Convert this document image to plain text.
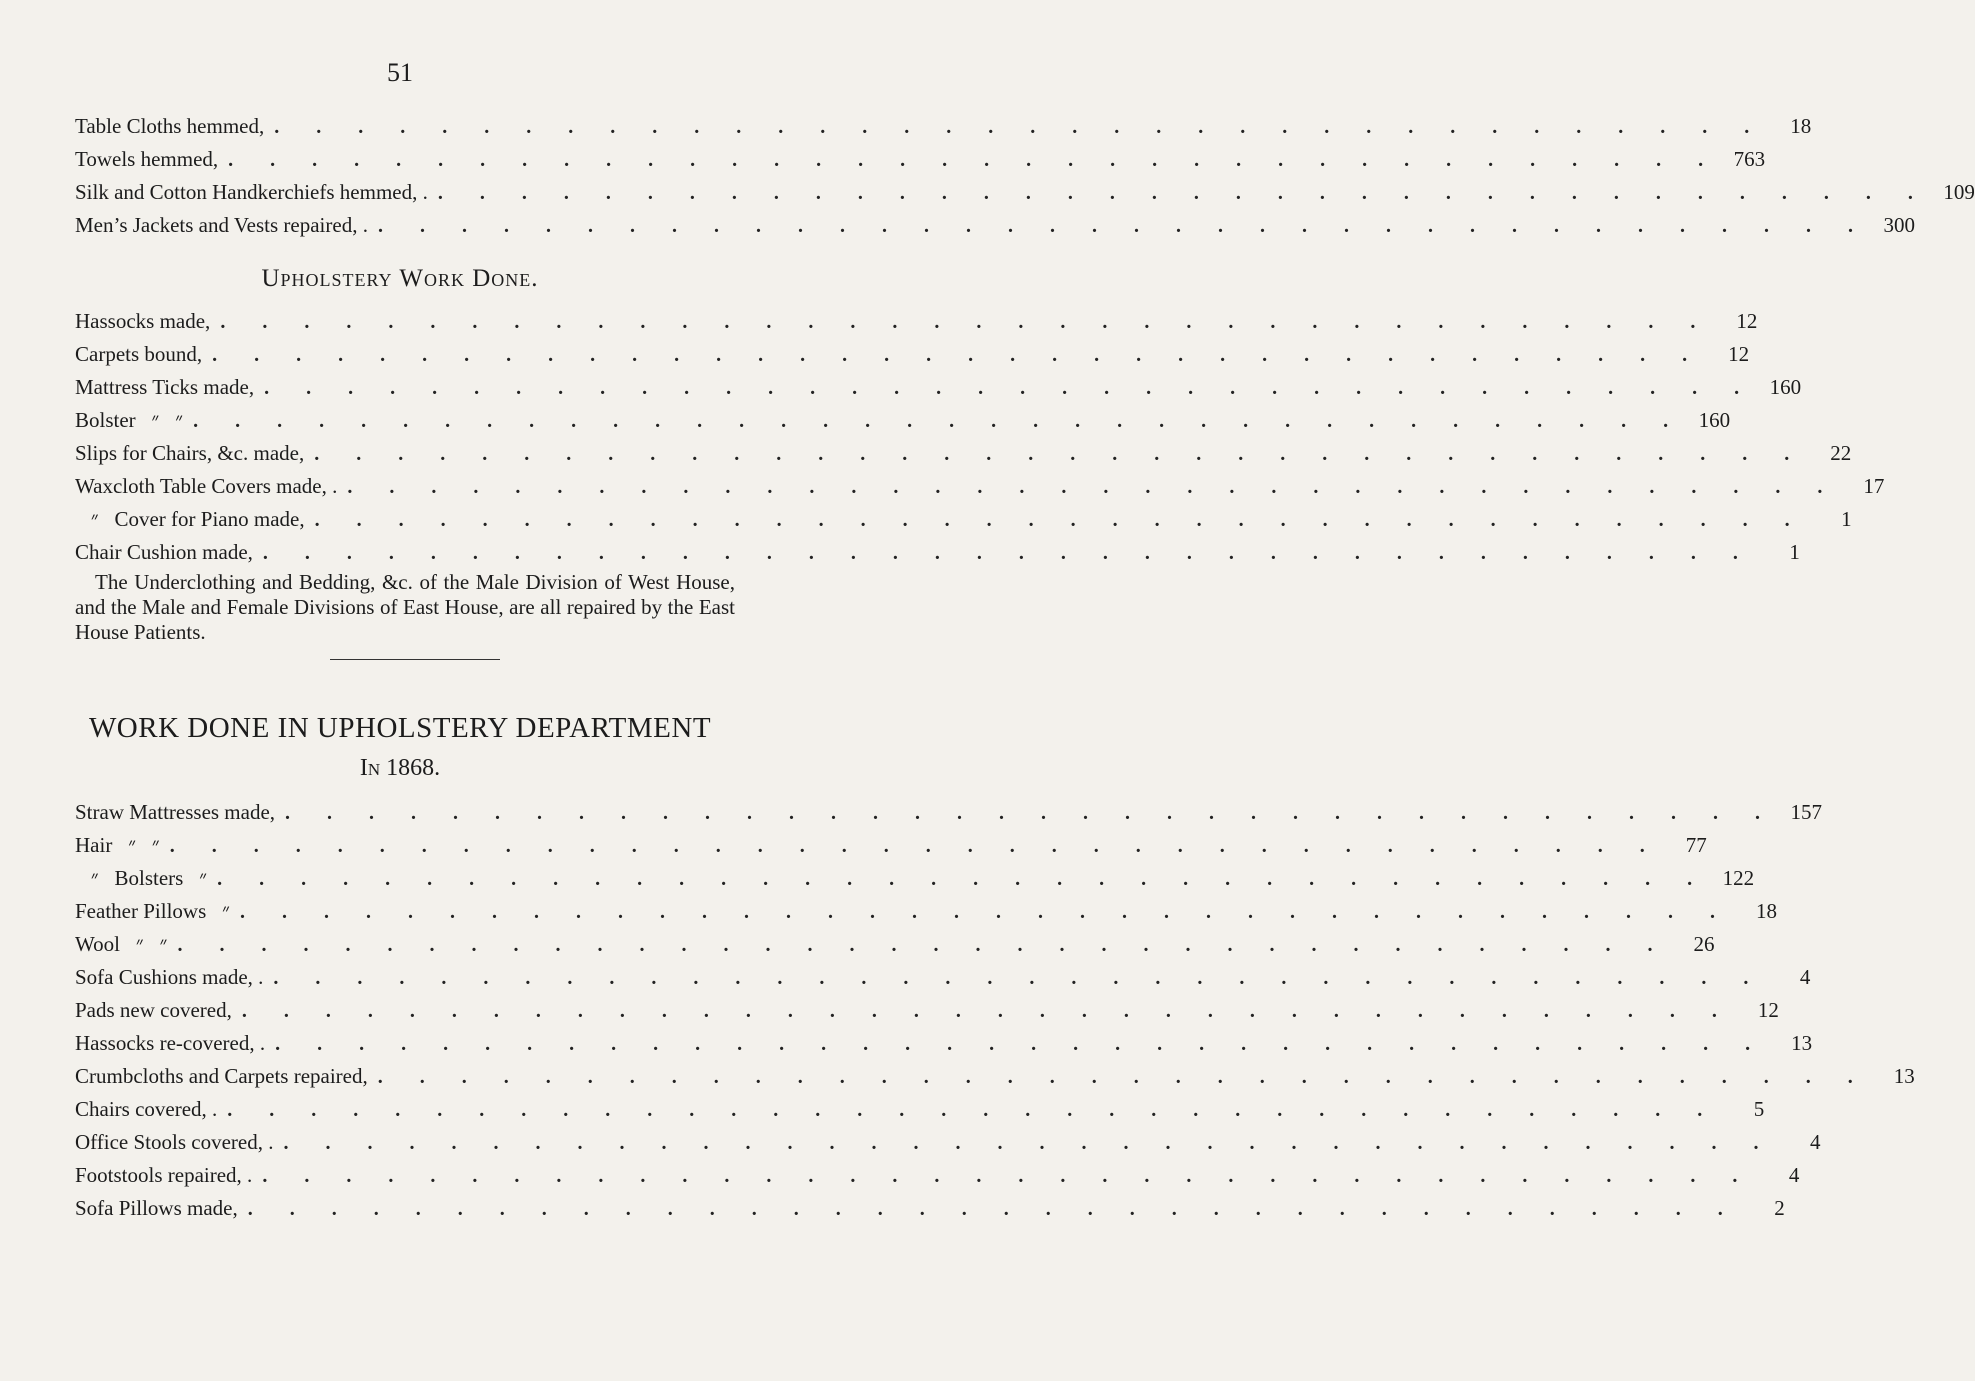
51
Table Cloths hemmed, . . . . . . . . . . . . . . . . . . . . . . . . . . . . . . . . . . . .	18
Towels hemmed, . . . . . . . . . . . . . . . . . . . . . . . . . . . . . . . . . . . . 763
Silk and Cotton Handkerchiefs hemmed, . . . . . . . . . . . . . . . . . . . . . . . . . . . . . . . . . . . . . 109
Men’s Jackets and Vests repaired, . . . . . . . . . . . . . . . . . . . . . . . . . . . . . . . . . . . . . 300
Upholstery Work Done.
Hassocks made, . . . . . . . . . . . . . . . . . . . . . . . . . . . . . . . . . . . .	12
Carpets bound, . . . . . . . . . . . . . . . . . . . . . . . . . . . . . . . . . . . .	12
Mattress Ticks made, . . . . . . . . . . . . . . . . . . . . . . . . . . . . . . . . . . . . 160
Bolster   ״   ״ . . . . . . . . . . . . . . . . . . . . . . . . . . . . . . . . . . . . 160
Slips for Chairs, &c. made, . . . . . . . . . . . . . . . . . . . . . . . . . . . . . . . . . . . .	22
Waxcloth Table Covers made, . . . . . . . . . . . . . . . . . . . . . . . . . . . . . . . . . . . . .	17
״   Cover for Piano made, . . . . . . . . . . . . . . . . . . . . . . . . . . . . . . . . . . . .	1
Chair Cushion made, . . . . . . . . . . . . . . . . . . . . . . . . . . . . . . . . . . . .	1
The Underclothing and Bedding, &c. of the Male Division of West House, and the Male and Female Divisions of East House, are all repaired by the East House Patients.
WORK DONE IN UPHOLSTERY DEPARTMENT
In 1868.
Straw Mattresses made, . . . . . . . . . . . . . . . . . . . . . . . . . . . . . . . . . . . . 157
Hair   ״   ״ . . . . . . . . . . . . . . . . . . . . . . . . . . . . . . . . . . . .	77
״   Bolsters   ״ . . . . . . . . . . . . . . . . . . . . . . . . . . . . . . . . . . . . 122
Feather Pillows   ״ . . . . . . . . . . . . . . . . . . . . . . . . . . . . . . . . . . . .	18
Wool   ״   ״ . . . . . . . . . . . . . . . . . . . . . . . . . . . . . . . . . . . .	26
Sofa Cushions made, . . . . . . . . . . . . . . . . . . . . . . . . . . . . . . . . . . . . .	4
Pads new covered, . . . . . . . . . . . . . . . . . . . . . . . . . . . . . . . . . . . .	12
Hassocks re-covered, . . . . . . . . . . . . . . . . . . . . . . . . . . . . . . . . . . . . .	13
Crumbcloths and Carpets repaired, . . . . . . . . . . . . . . . . . . . . . . . . . . . . . . . . . . . .	13
Chairs covered, . . . . . . . . . . . . . . . . . . . . . . . . . . . . . . . . . . . . .	5
Office Stools covered, . . . . . . . . . . . . . . . . . . . . . . . . . . . . . . . . . . . . .	4
Footstools repaired, . . . . . . . . . . . . . . . . . . . . . . . . . . . . . . . . . . . . .	4
Sofa Pillows made, . . . . . . . . . . . . . . . . . . . . . . . . . . . . . . . . . . . .	2
